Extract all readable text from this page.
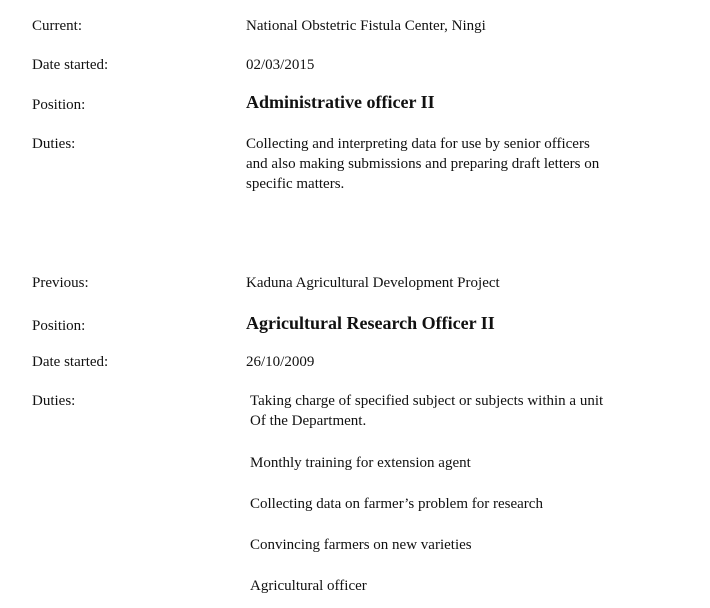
Current:	National Obstetric Fistula Center, Ningi
Date started:	02/03/2015
Position:	Administrative officer II
Duties:	Collecting and interpreting data for use by senior officers
and also making submissions and preparing draft letters on
specific matters.
Previous:	Kaduna Agricultural Development Project
Position:	Agricultural Research Officer II
Date started:	26/10/2009
Duties:	Taking charge of specified subject or subjects within a unit
Of the Department.
Monthly training for extension agent
Collecting data on farmer’s problem for research
Convincing farmers on new varieties
Agricultural officer
